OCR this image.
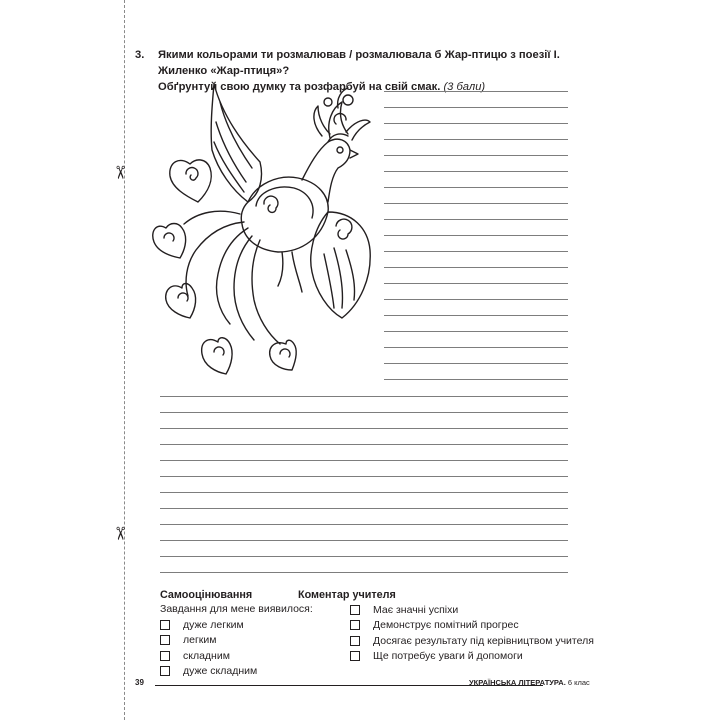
✂
✂
3. Якими кольорами ти розмалював / розмалювала б Жар-птицю з поезії І. Жиленко «Жар-птиця»?
Обґрунтуй свою думку та розфарбуй на свій смак. (3 бали)
Самооцінювання
Завдання для мене виявилося:
дуже легким
легким
складним
дуже складним
Коментар учителя
Має значні успіхи
Демонструє помітний прогрес
Досягає результату під керівництвом учителя
Ще потребує уваги й допомоги
39	УКРАЇНСЬКА ЛІТЕРАТУРА. 6 клас
